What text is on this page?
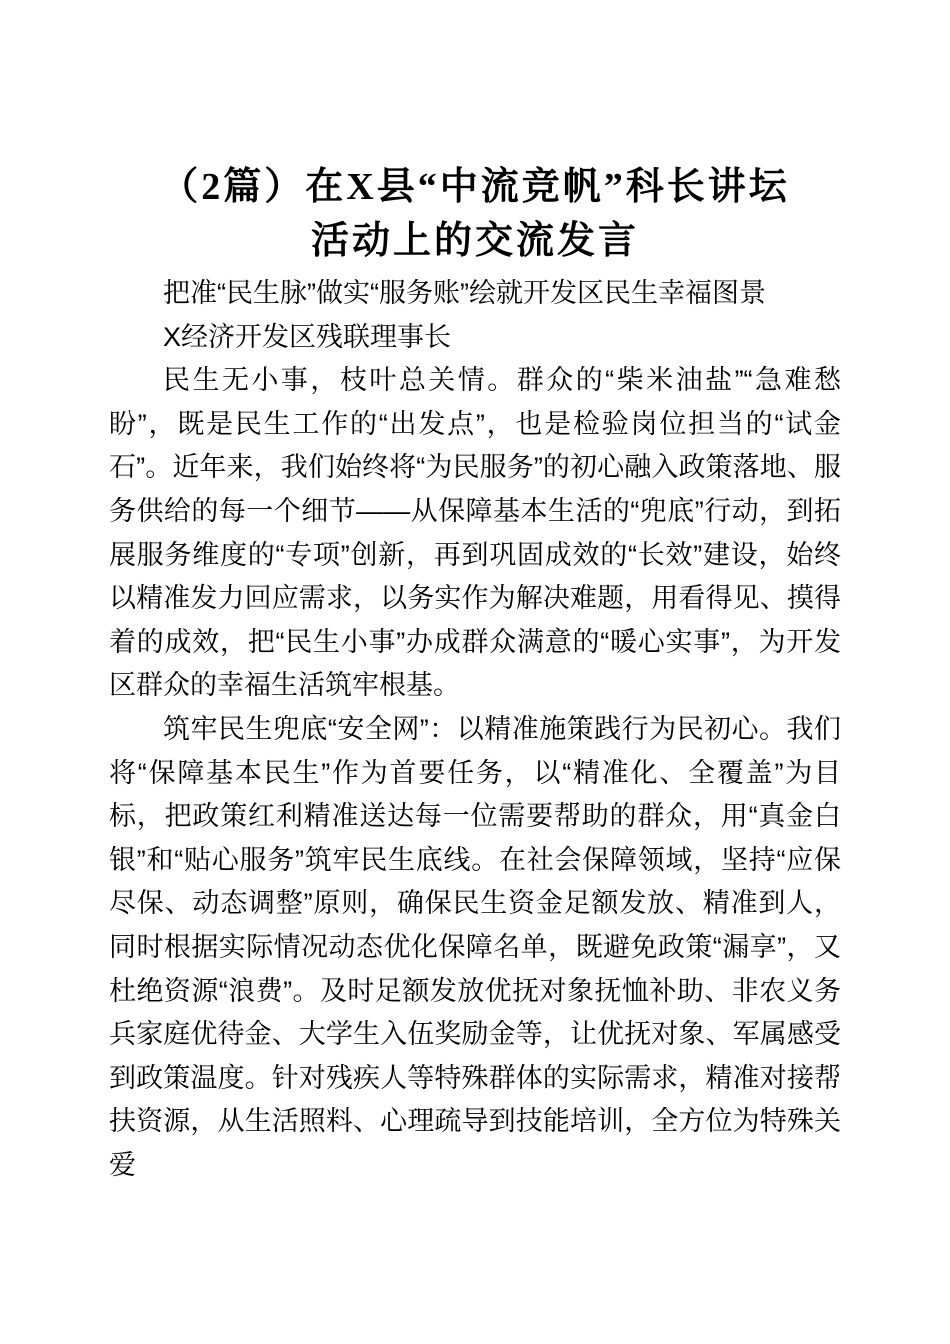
（2篇）在X县“中流竞帆”科长讲坛
活动上的交流发言

把准“民生脉”做实“服务账”绘就开发区民生幸福图景

X经济开发区残联理事长

民生无小事，枝叶总关情。群众的“柴米油盐”“急难愁盼”，既是民生工作的“出发点”，也是检验岗位担当的“试金石”。近年来，我们始终将“为民服务”的初心融入政策落地、服务供给的每一个细节——从保障基本生活的“兜底”行动，到拓展服务维度的“专项”创新，再到巩固成效的“长效”建设，始终以精准发力回应需求，以务实作为解决难题，用看得见、摸得着的成效，把“民生小事”办成群众满意的“暖心实事”，为开发区群众的幸福生活筑牢根基。

筑牢民生兜底“安全网”：以精准施策践行为民初心。我们将“保障基本民生”作为首要任务，以“精准化、全覆盖”为目标，把政策红利精准送达每一位需要帮助的群众，用“真金白银”和“贴心服务”筑牢民生底线。在社会保障领域，坚持“应保尽保、动态调整”原则，确保民生资金足额发放、精准到人，同时根据实际情况动态优化保障名单，既避免政策“漏享”，又杜绝资源“浪费”。及时足额发放优抚对象抚恤补助、非农义务兵家庭优待金、大学生入伍奖励金等，让优抚对象、军属感受到政策温度。针对残疾人等特殊群体的实际需求，精准对接帮扶资源，从生活照料、心理疏导到技能培训，全方位为特殊关爱
